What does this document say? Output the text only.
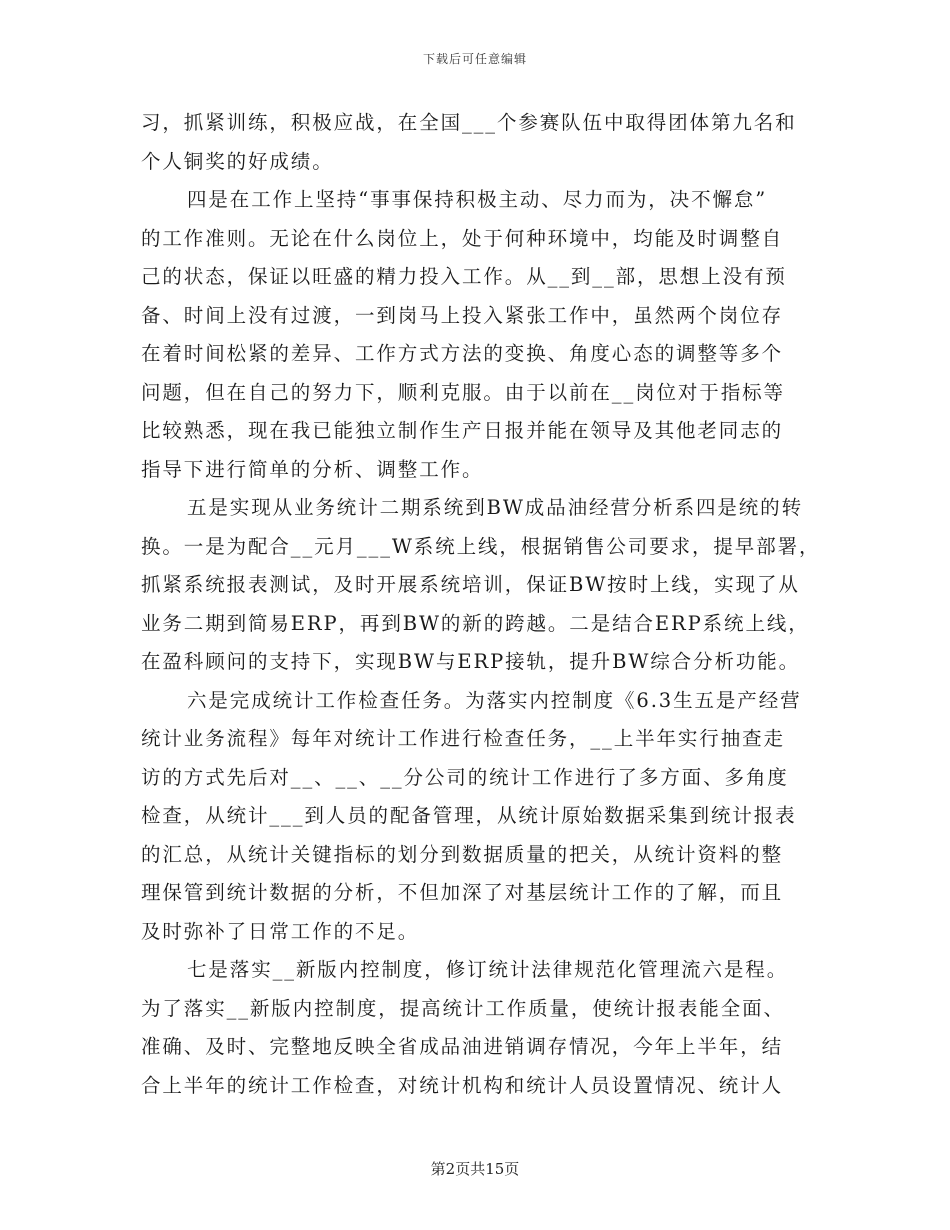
下载后可任意编辑
习，抓紧训练，积极应战，在全国___个参赛队伍中取得团体第九名和
个人铜奖的好成绩。
四是在工作上坚持“事事保持积极主动、尽力而为，决不懈怠”
的工作准则。无论在什么岗位上，处于何种环境中，均能及时调整自
己的状态，保证以旺盛的精力投入工作。从__到__部，思想上没有预
备、时间上没有过渡，一到岗马上投入紧张工作中，虽然两个岗位存
在着时间松紧的差异、工作方式方法的变换、角度心态的调整等多个
问题，但在自己的努力下，顺利克服。由于以前在__岗位对于指标等
比较熟悉，现在我已能独立制作生产日报并能在领导及其他老同志的
指导下进行简单的分析、调整工作。
五是实现从业务统计二期系统到BW成品油经营分析系四是统的转
换。一是为配合__元月___W系统上线，根据销售公司要求，提早部署，
抓紧系统报表测试，及时开展系统培训，保证BW按时上线，实现了从
业务二期到简易ERP，再到BW的新的跨越。二是结合ERP系统上线，
在盈科顾问的支持下，实现BW与ERP接轨，提升BW综合分析功能。
六是完成统计工作检查任务。为落实内控制度《6.3生五是产经营
统计业务流程》每年对统计工作进行检查任务，__上半年实行抽查走
访的方式先后对__、__、__分公司的统计工作进行了多方面、多角度
检查，从统计___到人员的配备管理，从统计原始数据采集到统计报表
的汇总，从统计关键指标的划分到数据质量的把关，从统计资料的整
理保管到统计数据的分析，不但加深了对基层统计工作的了解，而且
及时弥补了日常工作的不足。
七是落实__新版内控制度，修订统计法律规范化管理流六是程。
为了落实__新版内控制度，提高统计工作质量，使统计报表能全面、
准确、及时、完整地反映全省成品油进销调存情况，今年上半年，结
合上半年的统计工作检查，对统计机构和统计人员设置情况、统计人
第2页共15页
